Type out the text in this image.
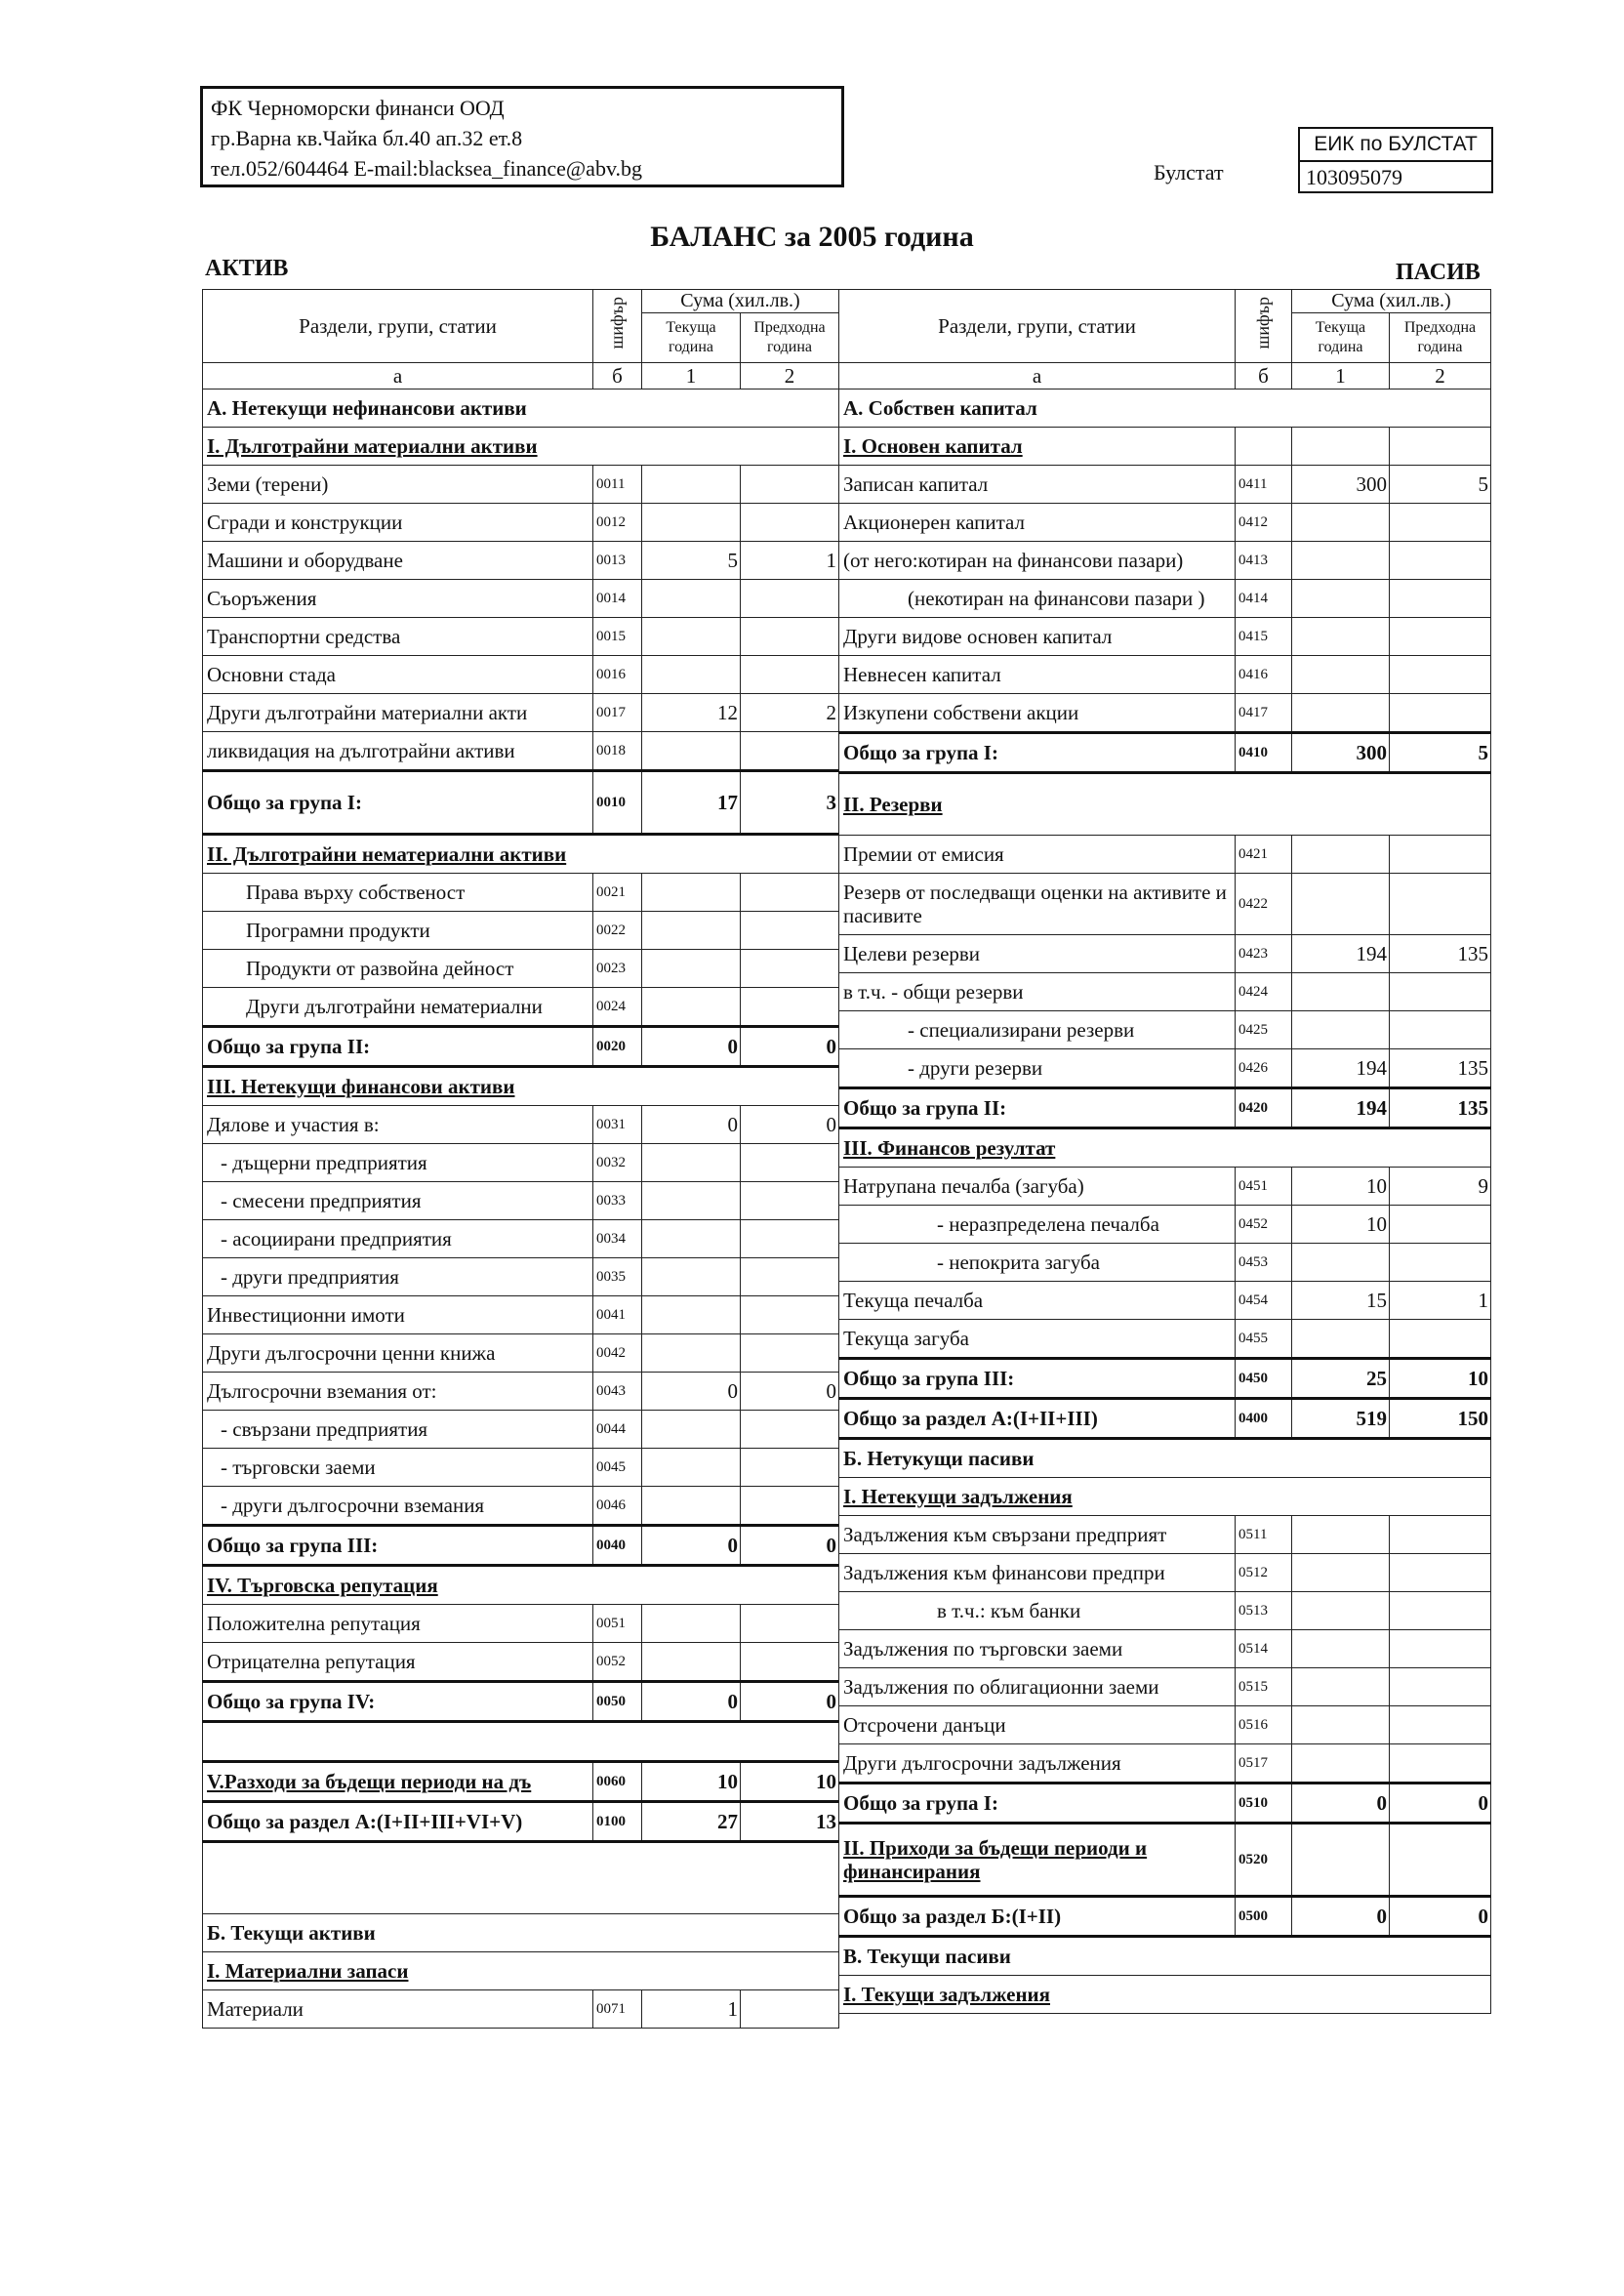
ФК Черноморски финанси ООД
гр.Варна кв.Чайка бл.40 ап.32 ет.8
тел.052/604464 E-mail:blacksea_finance@abv.bg	Булстат
ЕИК по БУЛСТАТ
103095079
БАЛАНС за 2005 година
АКТИВ	ПАСИВ
Раздели, групи, статии	шифър	Сума (хил.лв.)	
		Текуща година	Предходна година
а	б	1	2
А. Нетекущи нефинансови активи			
I. Дълготрайни материални активи			
Земи (терени)	0011		
Сгради и конструкции	0012		
Машини и оборудване	0013	5	1
Съоръжения	0014		
Транспортни средства	0015		
Основни стада	0016		
Други дълготрайни материални акти	0017	12	2
ликвидация на дълготрайни активи	0018		
Общо за група I:	0010	17	3
II. Дълготрайни нематериални активи			
Права върху собственост	0021		
Програмни продукти	0022		
Продукти от развойна дейност	0023		
Други дълготрайни нематериални	0024		
Общо за група II:	0020	0	0
III. Нетекущи финансови активи			
Дялове и участия в:	0031	0	0
- дъщерни предприятия	0032		
- смесени предприятия	0033		
- асоциирани предприятия	0034		
- други предприятия	0035		
Инвестиционни имоти	0041		
Други дългосрочни ценни книжа	0042		
Дългосрочни вземания от:	0043	0	0
- свързани предприятия	0044		
- търговски заеми	0045		
- други дългосрочни вземания	0046		
Общо за група III:	0040	0	0
IV. Търговска репутация			
Положителна репутация	0051		
Отрицателна репутация	0052		
Общо за група IV:	0050	0	0

V.Разходи за бъдещи периоди на дъ	0060	10	10
Общо за раздел А:(I+II+III+VI+V)	0100	27	13

Б. Текущи активи			
I. Материални запаси			
Материали	0071	1	
Раздели, групи, статии	шифър	Сума (хил.лв.)	
		Текуща година	Предходна година
а	б	1	2
А. Собствен капитал			
I. Основен капитал			
Записан капитал	0411	300	5
Акционерен капитал	0412		
(от него:котиран на финансови пазари)	0413		
(некотиран на финансови пазари )	0414		
Други видове основен капитал	0415		
Невнесен капитал	0416		
Изкупени собствени акции	0417		
Общо за група I:	0410	300	5
II. Резерви			
Премии от емисия	0421		
Резерв от последващи оценки на активите и пасивите	0422		
Целеви резерви	0423	194	135
в т.ч. - общи резерви	0424		
- специализирани резерви	0425		
- други резерви	0426	194	135
Общо за група II:	0420	194	135
III. Финансов резултат			
Натрупана печалба (загуба)	0451	10	9
- неразпределена печалба	0452	10	
- непокрита загуба	0453		
Текуща печалба	0454	15	1
Текуща загуба	0455		
Общо за група III:	0450	25	10
Общо за раздел А:(I+II+III)	0400	519	150
Б. Нетукущи пасиви			
I. Нетекущи задължения			
Задължения към свързани предприят	0511		
Задължения към финансови предпри	0512		
в т.ч.: към банки	0513		
Задължения по търговски заеми	0514		
Задължения по облигационни заеми	0515		
Отсрочени данъци	0516		
Други дългосрочни задължения	0517		
Общо за група I:	0510	0	0
II. Приходи за бъдещи периоди и финансирания	0520		
Общо за раздел Б:(I+II)	0500	0	0
В. Текущи пасиви			
I. Текущи задължения			
